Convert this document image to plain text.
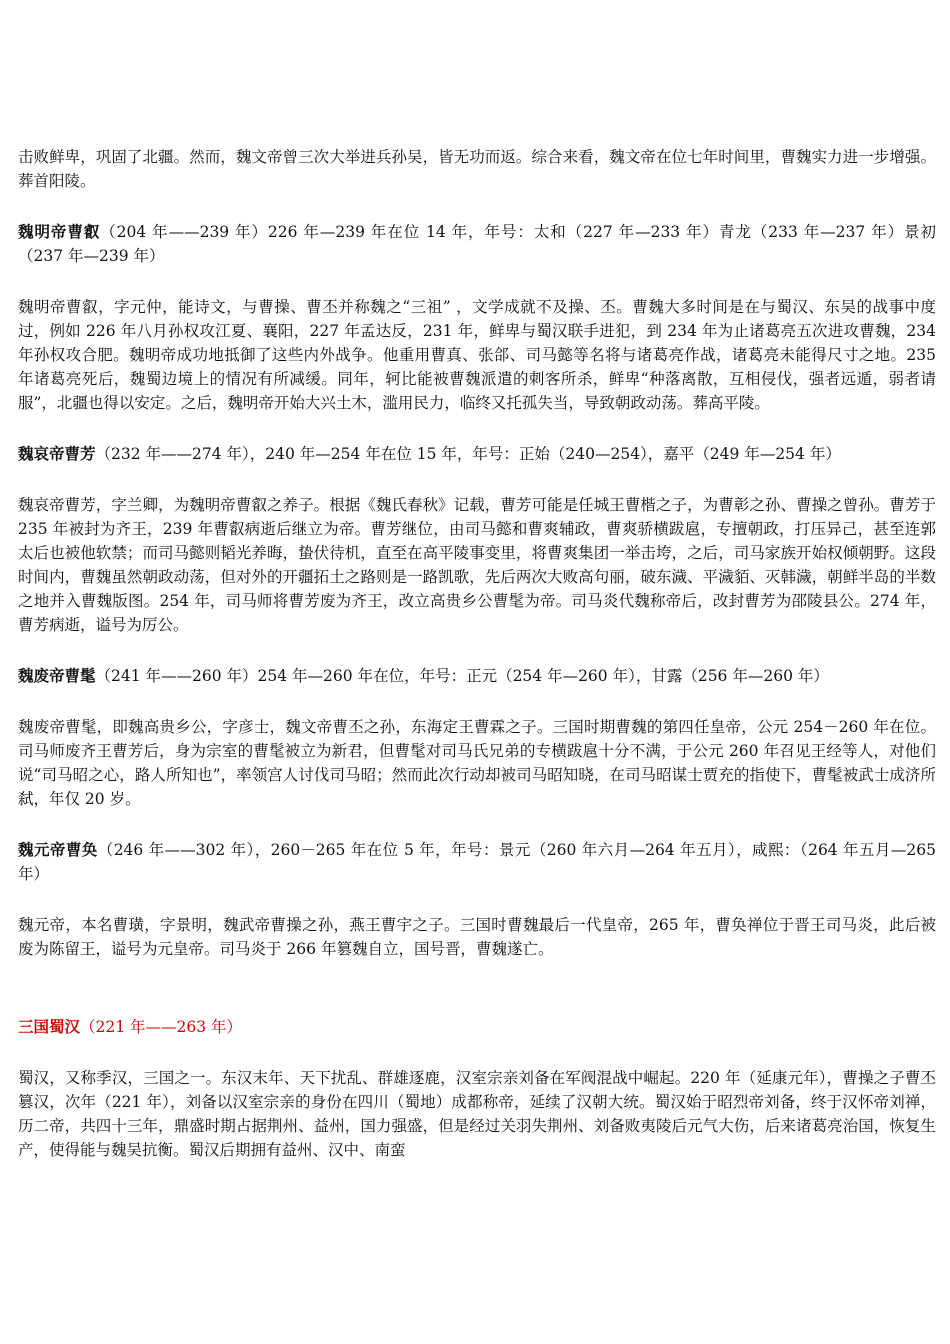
击败鲜卑，巩固了北疆。然而，魏文帝曾三次大举进兵孙吴，皆无功而返。综合来看，魏文帝在位七年时间里，曹魏实力进一步增强。葬首阳陵。

魏明帝曹叡（204 年——239 年）226 年—239 年在位 14 年，年号：太和（227 年—233 年）青龙（233 年—237 年）景初（237 年—239 年）

魏明帝曹叡，字元仲，能诗文，与曹操、曹丕并称魏之“三祖” ，文学成就不及操、丕。曹魏大多时间是在与蜀汉、东吴的战事中度过，例如 226 年八月孙权攻江夏、襄阳，227 年孟达反，231 年，鲜卑与蜀汉联手进犯，到 234 年为止诸葛亮五次进攻曹魏，234 年孙权攻合肥。魏明帝成功地抵御了这些内外战争。他重用曹真、张郃、司马懿等名将与诸葛亮作战，诸葛亮未能得尺寸之地。235 年诸葛亮死后，魏蜀边境上的情况有所减缓。同年，轲比能被曹魏派遣的刺客所杀，鲜卑“种落离散，互相侵伐，强者远遁，弱者请服”，北疆也得以安定。之后，魏明帝开始大兴土木，滥用民力，临终又托孤失当，导致朝政动荡。葬高平陵。

魏哀帝曹芳（232 年——274 年），240 年—254 年在位 15 年，年号：正始（240—254），嘉平（249 年—254 年）

魏哀帝曹芳，字兰卿，为魏明帝曹叡之养子。根据《魏氏春秋》记载，曹芳可能是任城王曹楷之子，为曹彰之孙、曹操之曾孙。曹芳于 235 年被封为齐王，239 年曹叡病逝后继立为帝。曹芳继位，由司马懿和曹爽辅政，曹爽骄横跋扈，专擅朝政，打压异己，甚至连郭太后也被他软禁；而司马懿则韬光养晦，蛰伏待机，直至在高平陵事变里，将曹爽集团一举击垮，之后，司马家族开始权倾朝野。这段时间内，曹魏虽然朝政动荡，但对外的开疆拓土之路则是一路凯歌，先后两次大败高句丽，破东濊、平濊貊、灭韩濊，朝鲜半岛的半数之地并入曹魏版图。254 年，司马师将曹芳废为齐王，改立高贵乡公曹髦为帝。司马炎代魏称帝后，改封曹芳为邵陵县公。274 年，曹芳病逝，谥号为厉公。

魏废帝曹髦（241 年——260 年）254 年—260 年在位，年号：正元（254 年—260 年），甘露（256 年—260 年）

魏废帝曹髦，即魏高贵乡公，字彦士，魏文帝曹丕之孙，东海定王曹霖之子。三国时期曹魏的第四任皇帝，公元 254－260 年在位。司马师废齐王曹芳后，身为宗室的曹髦被立为新君，但曹髦对司马氏兄弟的专横跋扈十分不满，于公元 260 年召见王经等人，对他们说“司马昭之心，路人所知也”，率领宫人讨伐司马昭；然而此次行动却被司马昭知晓，在司马昭谋士贾充的指使下，曹髦被武士成济所弑，年仅 20 岁。

魏元帝曹奂（246 年——302 年），260－265 年在位 5 年，年号：景元（260 年六月—264 年五月），咸熙：（264 年五月—265 年）

魏元帝，本名曹璜，字景明，魏武帝曹操之孙，燕王曹宇之子。三国时曹魏最后一代皇帝，265 年，曹奂禅位于晋王司马炎，此后被废为陈留王，谥号为元皇帝。司马炎于 266 年篡魏自立，国号晋，曹魏遂亡。

三国蜀汉（221 年——263 年）

蜀汉，又称季汉，三国之一。东汉末年、天下扰乱、群雄逐鹿，汉室宗亲刘备在军阀混战中崛起。220 年（延康元年），曹操之子曹丕篡汉，次年（221 年），刘备以汉室宗亲的身份在四川（蜀地）成都称帝，延续了汉朝大统。蜀汉始于昭烈帝刘备，终于汉怀帝刘禅，历二帝，共四十三年，鼎盛时期占据荆州、益州，国力强盛，但是经过关羽失荆州、刘备败夷陵后元气大伤，后来诸葛亮治国，恢复生产，使得能与魏吴抗衡。蜀汉后期拥有益州、汉中、南蛮
